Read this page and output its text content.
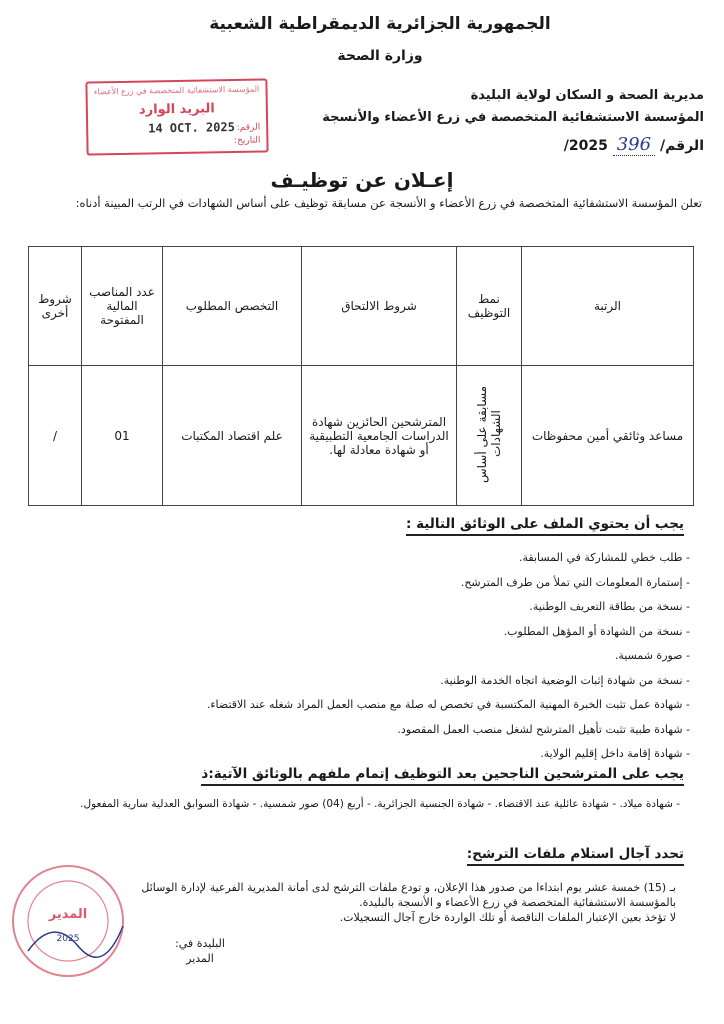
الجمهورية الجزائرية الديمقراطية الشعبية
وزارة الصحة
مديرية الصحة و السكان لولاية البليدة
المؤسسة الاستشفائية المتخصصة في زرع الأعضاء والأنسجة
الرقم/ 396 2025/
المؤسسة الاستشفائية المتخصصة في زرع الأعضاء
البريد الوارد
الرقم:
14 OCT. 2025
التاريخ:
إعـلان عن توظيـف
تعلن المؤسسة الاستشفائية المتخصصة في زرع الأعضاء و الأنسجة عن مسابقة توظيف على أساس الشهادات في الرتب المبينة أدناه:
الرتبة	نمط التوظيف	شروط الالتحاق	التخصص المطلوب	عدد المناصب المالية المفتوحة	شروط أخرى
مساعد وثائقي أمين محفوظات	مسابقة على أساس الشهادات	المترشحين الحائزين شهادة الدراسات الجامعية التطبيقية أو شهادة معادلة لها.	علم اقتصاد المكتبات	01	/
يجب أن يحتوي الملف على الوثائق التالية :
- طلب خطي للمشاركة في المسابقة.
- إستمارة المعلومات التي تملأ من طرف المترشح.
- نسخة من بطاقة التعريف الوطنية.
- نسخة من الشهادة أو المؤهل المطلوب.
- صورة شمسية.
- نسخة من شهادة إثبات الوضعية اتجاه الخدمة الوطنية.
- شهادة عمل تثبت الخبرة المهنية المكتسبة في تخصص له صلة مع منصب العمل المراد شغله عند الاقتضاء.
- شهادة طبية تثبت تأهيل المترشح لشغل منصب العمل المقصود.
- شهادة إقامة داخل إقليم الولاية.
يجب على المترشحين الناجحين بعد التوظيف إتمام ملفهم بالوثائق الآتية:ذ
- شهادة ميلاد. - شهادة عائلية عند الاقتضاء. - شهادة الجنسية الجزائرية. - أربع (04) صور شمسية. - شهادة السوابق العدلية سارية المفعول.
تحدد آجال استلام ملفات الترشح:
بـ (15) خمسة عشر يوم ابتداءا من صدور هذا الإعلان، و تودع ملفات الترشح لدى أمانة المديرية الفرعية لإدارة الوسائل
بالمؤسسة الاستشفائية المتخصصة في زرع الأعضاء و الأنسجة بالبليدة.
لا تؤخذ بعين الإعتبار الملفات الناقصة أو تلك الواردة خارج آجال التسجيلات.
البليدة في:
المدير
المدير
2025
